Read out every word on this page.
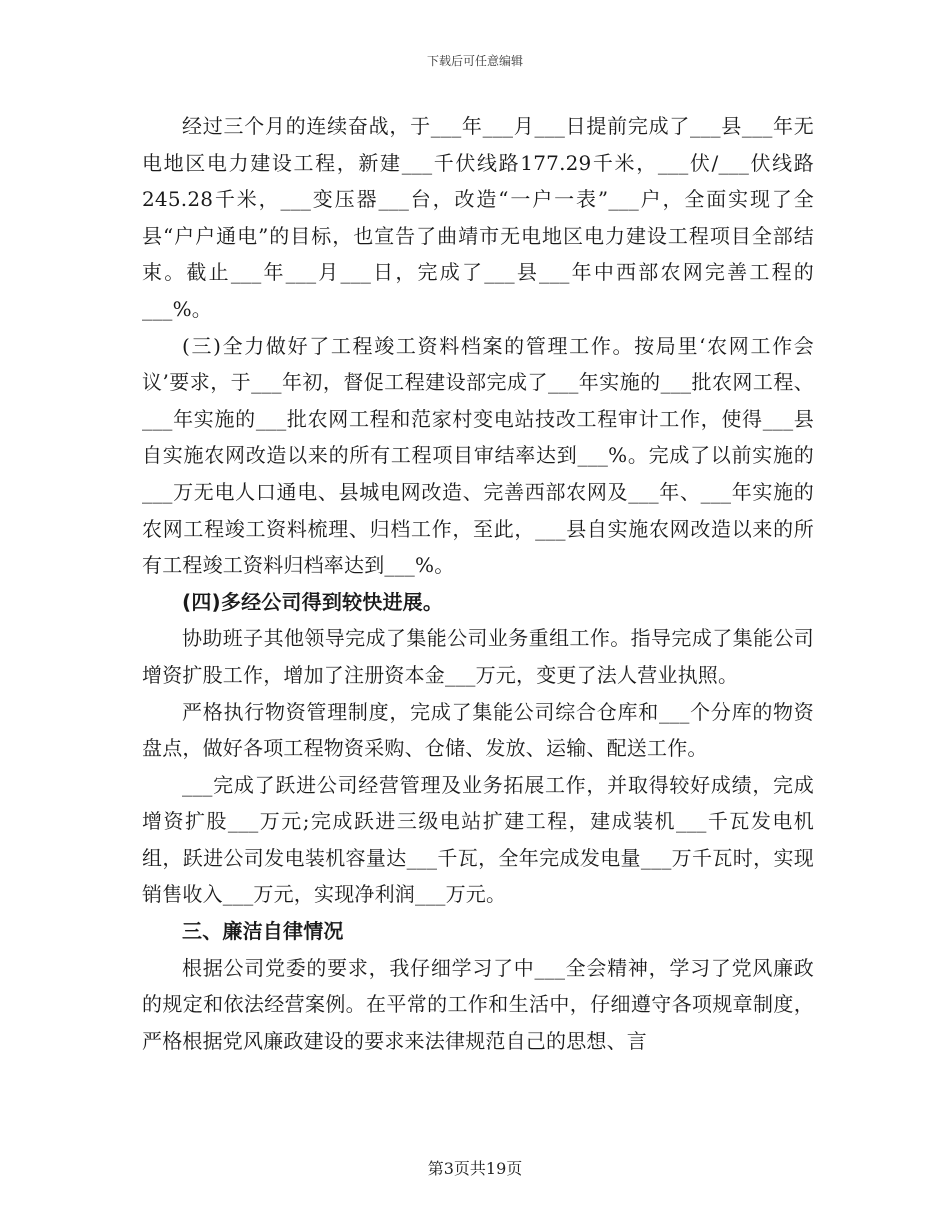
下载后可任意编辑

经过三个月的连续奋战，于___年___月___日提前完成了___县___年无电地区电力建设工程，新建___千伏线路177.29千米，___伏/___伏线路245.28千米，___变压器___台，改造“一户一表”___户，全面实现了全县“户户通电”的目标，也宣告了曲靖市无电地区电力建设工程项目全部结束。截止___年___月___日，完成了___县___年中西部农网完善工程的___%。

(三)全力做好了工程竣工资料档案的管理工作。按局里‘农网工作会议’要求，于___年初，督促工程建设部完成了___年实施的___批农网工程、___年实施的___批农网工程和范家村变电站技改工程审计工作，使得___县自实施农网改造以来的所有工程项目审结率达到___%。完成了以前实施的___万无电人口通电、县城电网改造、完善西部农网及___年、___年实施的农网工程竣工资料梳理、归档工作，至此，___县自实施农网改造以来的所有工程竣工资料归档率达到___%。

(四)多经公司得到较快进展。

协助班子其他领导完成了集能公司业务重组工作。指导完成了集能公司增资扩股工作，增加了注册资本金___万元，变更了法人营业执照。

严格执行物资管理制度，完成了集能公司综合仓库和___个分库的物资盘点，做好各项工程物资采购、仓储、发放、运输、配送工作。

___完成了跃进公司经营管理及业务拓展工作，并取得较好成绩，完成增资扩股___万元;完成跃进三级电站扩建工程，建成装机___千瓦发电机组，跃进公司发电装机容量达___千瓦，全年完成发电量___万千瓦时，实现销售收入___万元，实现净利润___万元。

三、廉洁自律情况

根据公司党委的要求，我仔细学习了中___全会精神，学习了党风廉政的规定和依法经营案例。在平常的工作和生活中，仔细遵守各项规章制度，严格根据党风廉政建设的要求来法律规范自己的思想、言

第3页共19页
